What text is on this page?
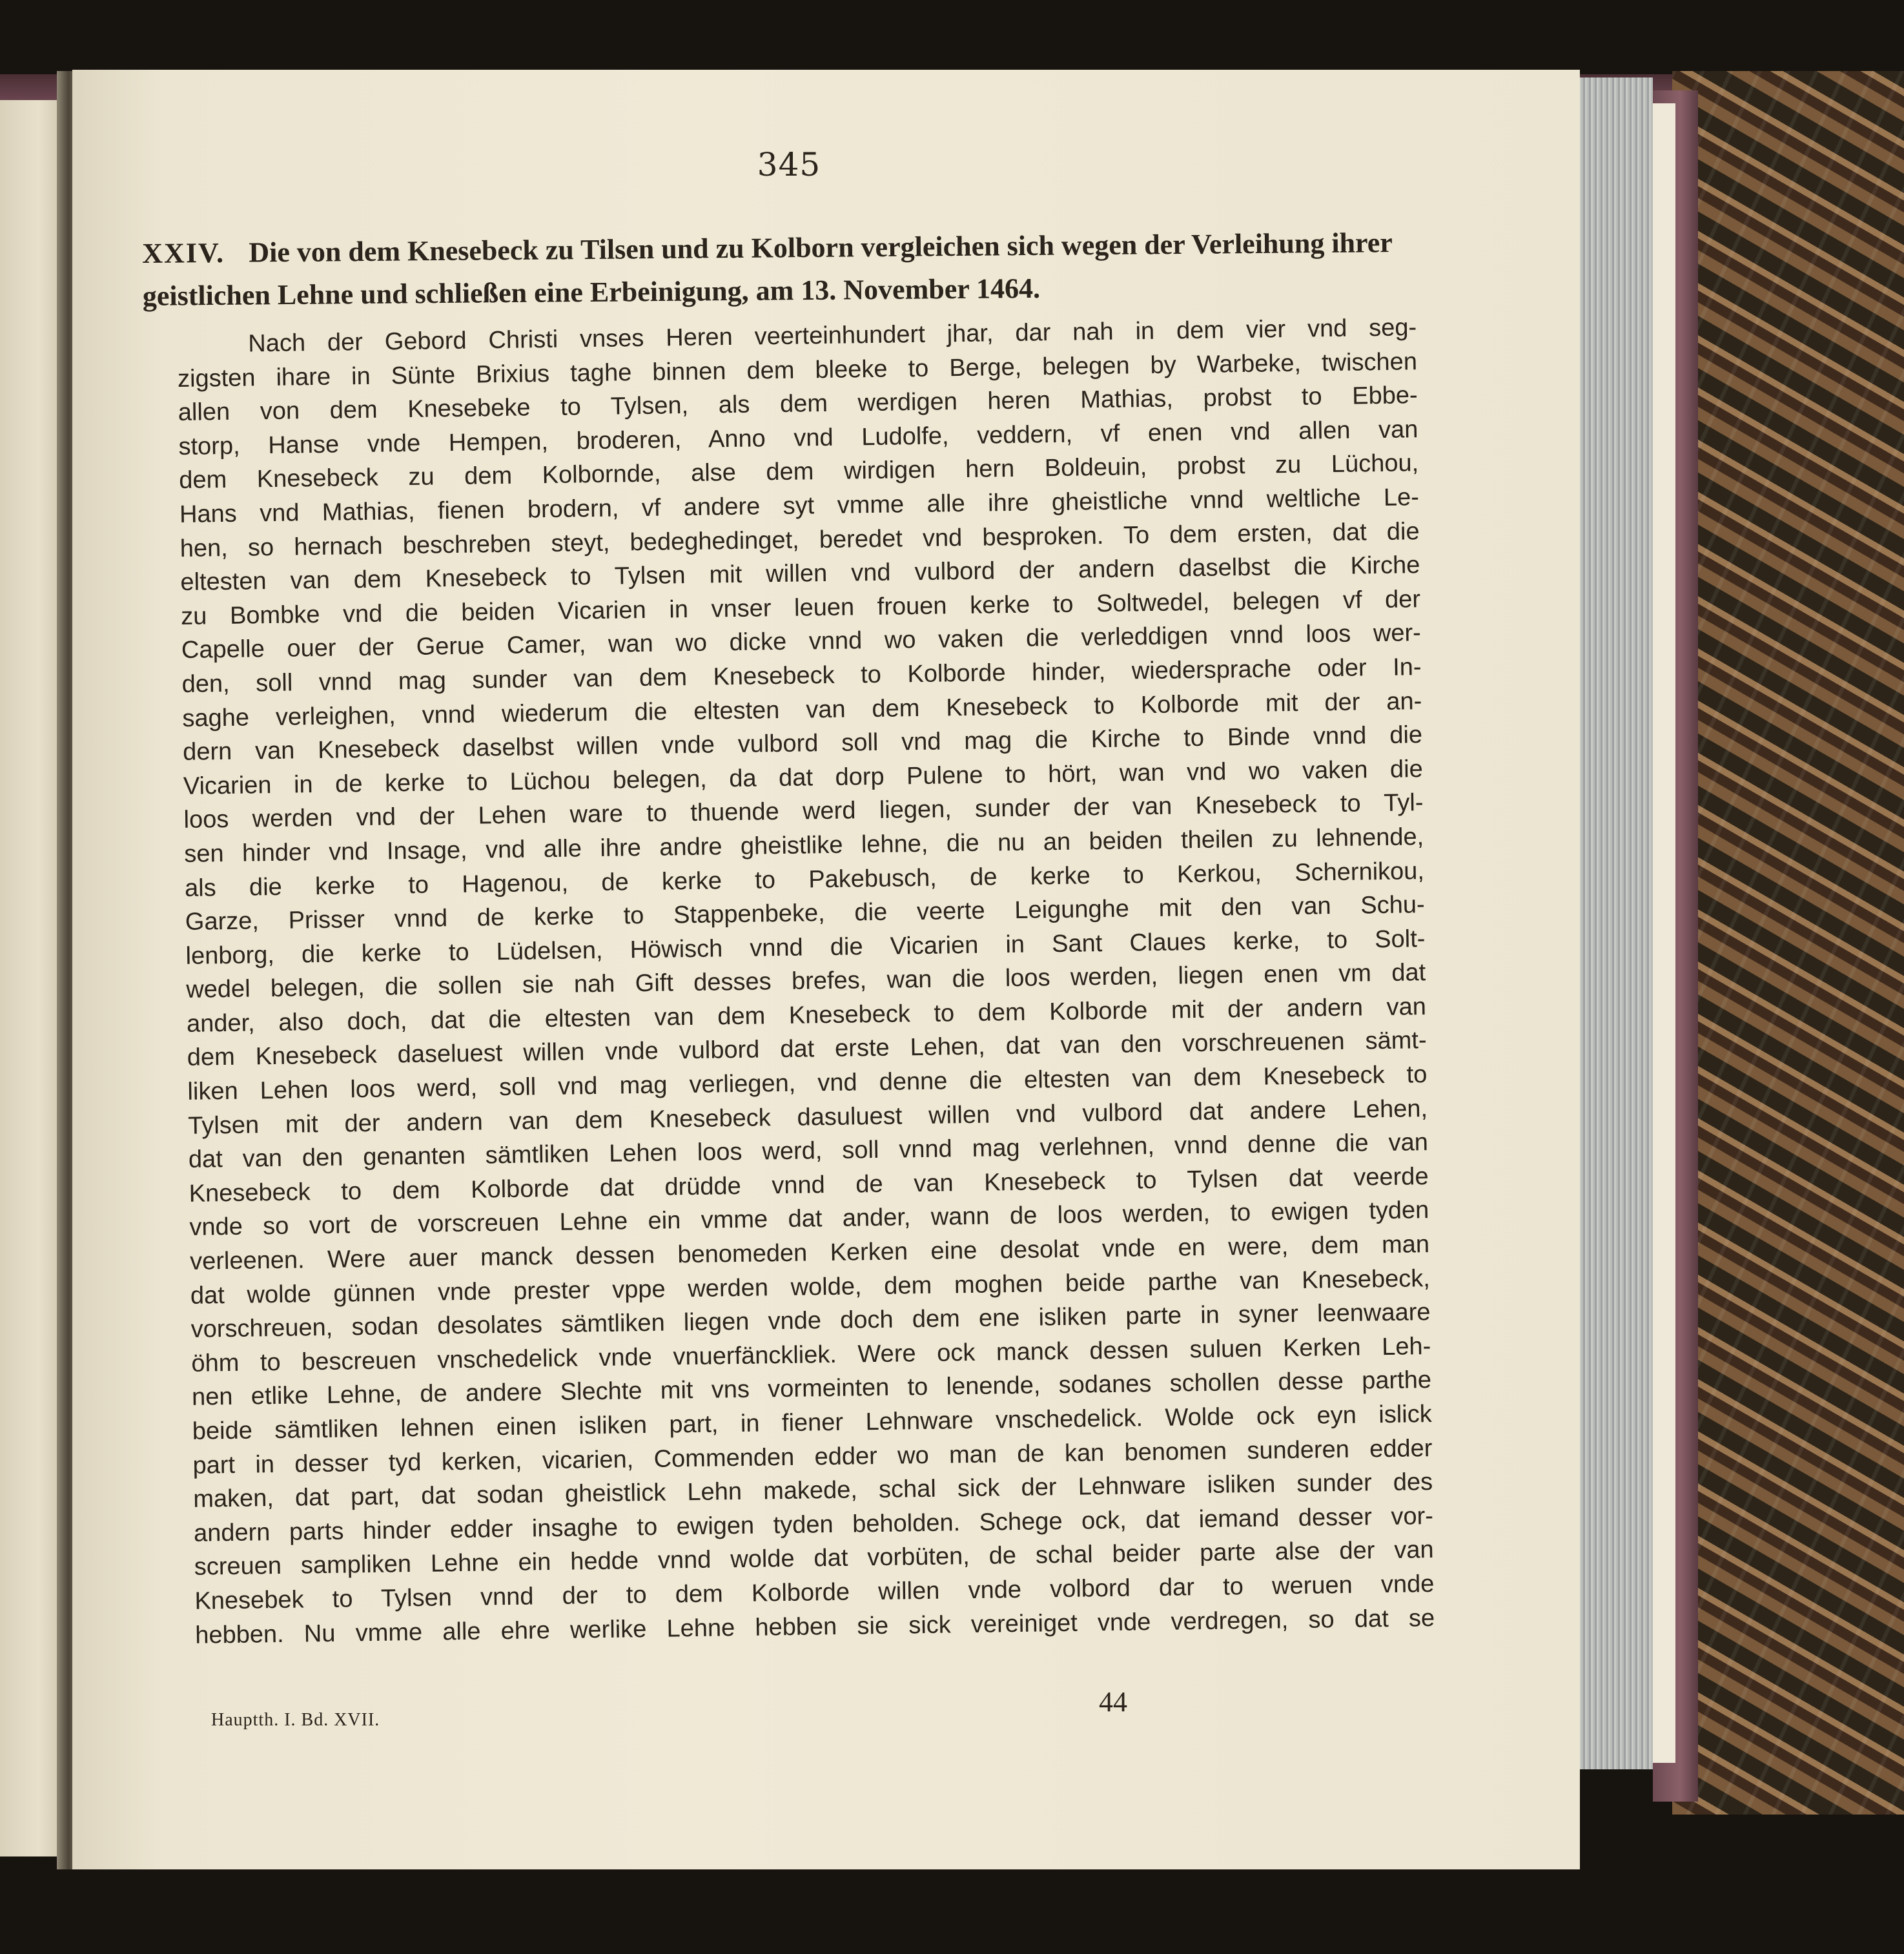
345
XXIV. Die von dem Knesebeck zu Tilsen und zu Kolborn vergleichen sich wegen der Verleihung ihrer geistlichen Lehne und schließen eine Erbeinigung, am 13. November 1464.
Nach der Gebord Christi vnses Heren veerteinhundert jhar, dar nah in dem vier vnd seg-
zigsten ihare in Sünte Brixius taghe binnen dem bleeke to Berge, belegen by Warbeke, twischen
allen von dem Knesebeke to Tylsen, als dem werdigen heren Mathias, probst to Ebbe-
storp, Hanse vnde Hempen, broderen, Anno vnd Ludolfe, veddern, vf enen vnd allen van
dem Knesebeck zu dem Kolbornde, alse dem wirdigen hern Boldeuin, probst zu Lüchou,
Hans vnd Mathias, fienen brodern, vf andere syt vmme alle ihre gheistliche vnnd weltliche Le-
hen, so hernach beschreben steyt, bedeghedinget, beredet vnd besproken. To dem ersten, dat die
eltesten van dem Knesebeck to Tylsen mit willen vnd vulbord der andern daselbst die Kirche
zu Bombke vnd die beiden Vicarien in vnser leuen frouen kerke to Soltwedel, belegen vf der
Capelle ouer der Gerue Camer, wan wo dicke vnnd wo vaken die verleddigen vnnd loos wer-
den, soll vnnd mag sunder van dem Knesebeck to Kolborde hinder, wiedersprache oder In-
saghe verleighen, vnnd wiederum die eltesten van dem Knesebeck to Kolborde mit der an-
dern van Knesebeck daselbst willen vnde vulbord soll vnd mag die Kirche to Binde vnnd die
Vicarien in de kerke to Lüchou belegen, da dat dorp Pulene to hört, wan vnd wo vaken die
loos werden vnd der Lehen ware to thuende werd liegen, sunder der van Knesebeck to Tyl-
sen hinder vnd Insage, vnd alle ihre andre gheistlike lehne, die nu an beiden theilen zu lehnende,
als die kerke to Hagenou, de kerke to Pakebusch, de kerke to Kerkou, Schernikou,
Garze, Prisser vnnd de kerke to Stappenbeke, die veerte Leigunghe mit den van Schu-
lenborg, die kerke to Lüdelsen, Höwisch vnnd die Vicarien in Sant Claues kerke, to Solt-
wedel belegen, die sollen sie nah Gift desses brefes, wan die loos werden, liegen enen vm dat
ander, also doch, dat die eltesten van dem Knesebeck to dem Kolborde mit der andern van
dem Knesebeck daseluest willen vnde vulbord dat erste Lehen, dat van den vorschreuenen sämt-
liken Lehen loos werd, soll vnd mag verliegen, vnd denne die eltesten van dem Knesebeck to
Tylsen mit der andern van dem Knesebeck dasuluest willen vnd vulbord dat andere Lehen,
dat van den genanten sämtliken Lehen loos werd, soll vnnd mag verlehnen, vnnd denne die van
Knesebeck to dem Kolborde dat drüdde vnnd de van Knesebeck to Tylsen dat veerde
vnde so vort de vorscreuen Lehne ein vmme dat ander, wann de loos werden, to ewigen tyden
verleenen. Were auer manck dessen benomeden Kerken eine desolat vnde en were, dem man
dat wolde günnen vnde prester vppe werden wolde, dem moghen beide parthe van Knesebeck,
vorschreuen, sodan desolates sämtliken liegen vnde doch dem ene isliken parte in syner leenwaare
öhm to bescreuen vnschedelick vnde vnuerfänckliek. Were ock manck dessen suluen Kerken Leh-
nen etlike Lehne, de andere Slechte mit vns vormeinten to lenende, sodanes schollen desse parthe
beide sämtliken lehnen einen isliken part, in fiener Lehnware vnschedelick. Wolde ock eyn islick
part in desser tyd kerken, vicarien, Commenden edder wo man de kan benomen sunderen edder
maken, dat part, dat sodan gheistlick Lehn makede, schal sick der Lehnware isliken sunder des
andern parts hinder edder insaghe to ewigen tyden beholden. Schege ock, dat iemand desser vor-
screuen sampliken Lehne ein hedde vnnd wolde dat vorbüten, de schal beider parte alse der van
Knesebek to Tylsen vnnd der to dem Kolborde willen vnde volbord dar to weruen vnde
hebben. Nu vmme alle ehre werlike Lehne hebben sie sick vereiniget vnde verdregen, so dat se
44
Hauptth. I. Bd. XVII.
